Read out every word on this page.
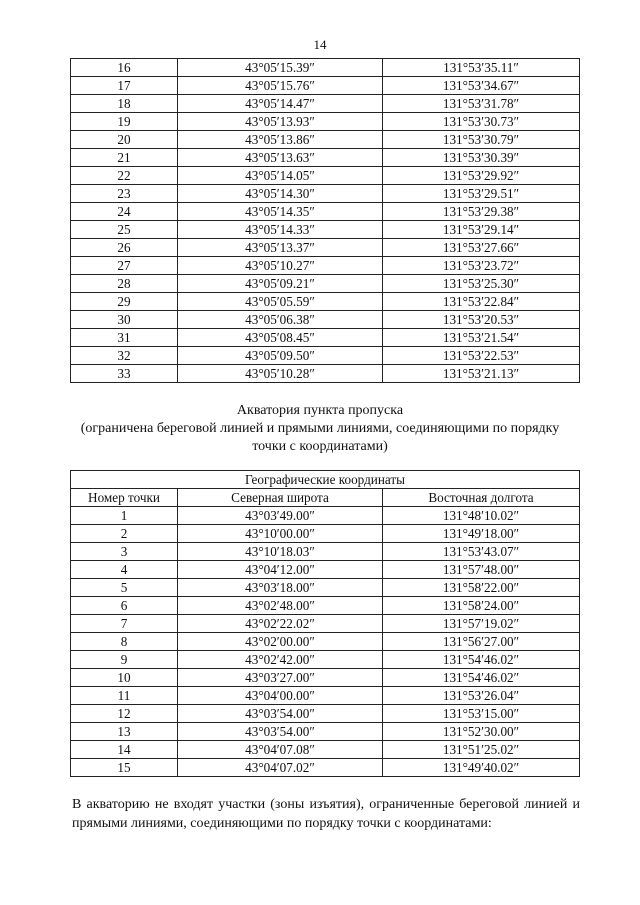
14
16	43°05′15.39″	131°53′35.11″
17	43°05′15.76″	131°53′34.67″
18	43°05′14.47″	131°53′31.78″
19	43°05′13.93″	131°53′30.73″
20	43°05′13.86″	131°53′30.79″
21	43°05′13.63″	131°53′30.39″
22	43°05′14.05″	131°53′29.92″
23	43°05′14.30″	131°53′29.51″
24	43°05′14.35″	131°53′29.38″
25	43°05′14.33″	131°53′29.14″
26	43°05′13.37″	131°53′27.66″
27	43°05′10.27″	131°53′23.72″
28	43°05′09.21″	131°53′25.30″
29	43°05′05.59″	131°53′22.84″
30	43°05′06.38″	131°53′20.53″
31	43°05′08.45″	131°53′21.54″
32	43°05′09.50″	131°53′22.53″
33	43°05′10.28″	131°53′21.13″
Акватория пункта пропуска
(ограничена береговой линией и прямыми линиями, соединяющими по порядку
точки с координатами)
Географические координаты		
Номер точки	Северная широта	Восточная долгота
1	43°03′49.00″	131°48′10.02″
2	43°10′00.00″	131°49′18.00″
3	43°10′18.03″	131°53′43.07″
4	43°04′12.00″	131°57′48.00″
5	43°03′18.00″	131°58′22.00″
6	43°02′48.00″	131°58′24.00″
7	43°02′22.02″	131°57′19.02″
8	43°02′00.00″	131°56′27.00″
9	43°02′42.00″	131°54′46.02″
10	43°03′27.00″	131°54′46.02″
11	43°04′00.00″	131°53′26.04″
12	43°03′54.00″	131°53′15.00″
13	43°03′54.00″	131°52′30.00″
14	43°04′07.08″	131°51′25.02″
15	43°04′07.02″	131°49′40.02″
В акваторию не входят участки (зоны изъятия), ограниченные береговой линией и прямыми линиями, соединяющими по порядку точки с координатами:
